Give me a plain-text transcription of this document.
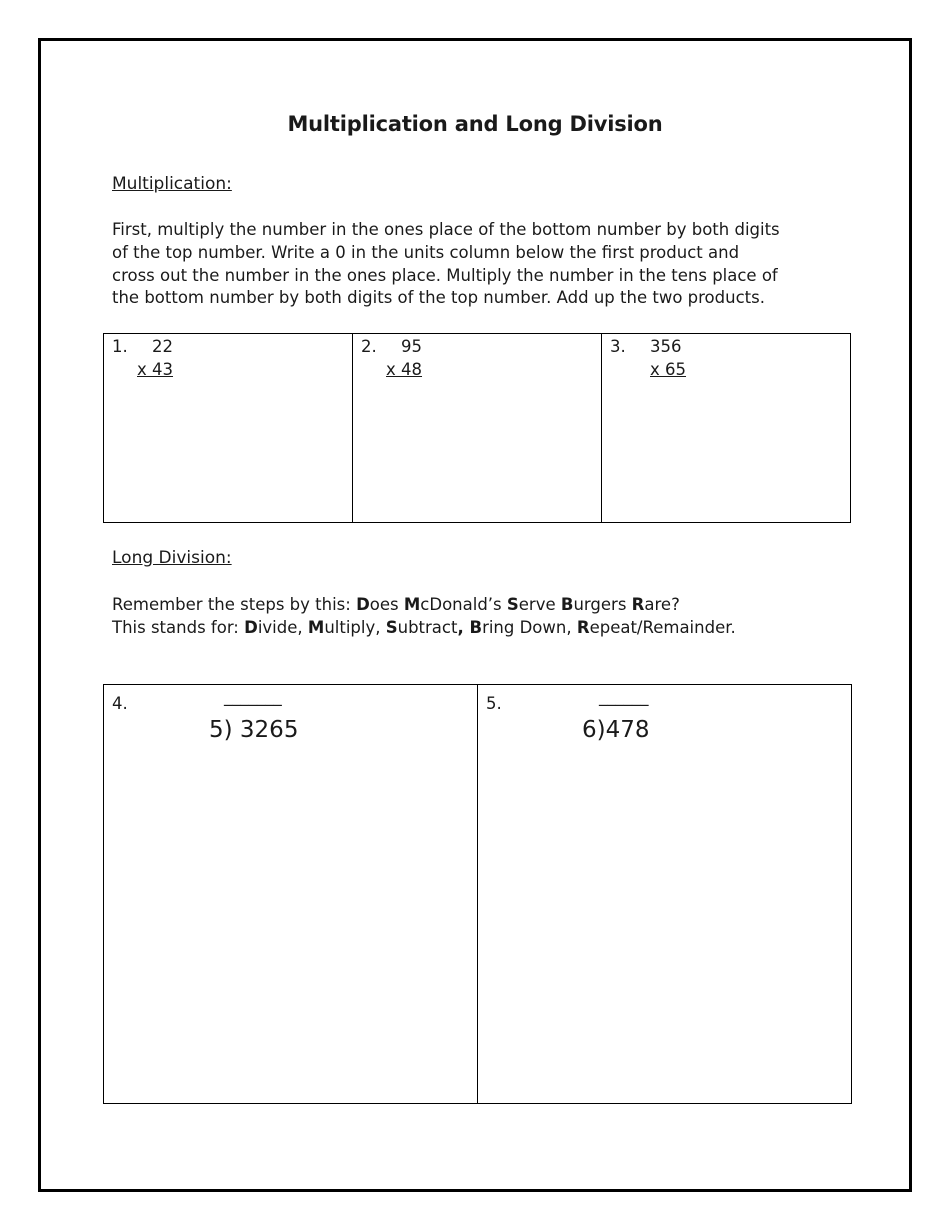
Multiplication and Long Division

Multiplication:

First, multiply the number in the ones place of the bottom number by both digits
of the top number. Write a 0 in the units column below the first product and
cross out the number in the ones place. Multiply the number in the tens place of
the bottom number by both digits of the top number. Add up the two products.
1. 22
x 43

2. 95
x 48

3. 356
x 65

Long Division:

Remember the steps by this: Does McDonald’s Serve Burgers Rare?
This stands for: Divide, Multiply, Subtract, Bring Down, Repeat/Remainder.
4.	_______
5) 3265

5.	______
6)478
